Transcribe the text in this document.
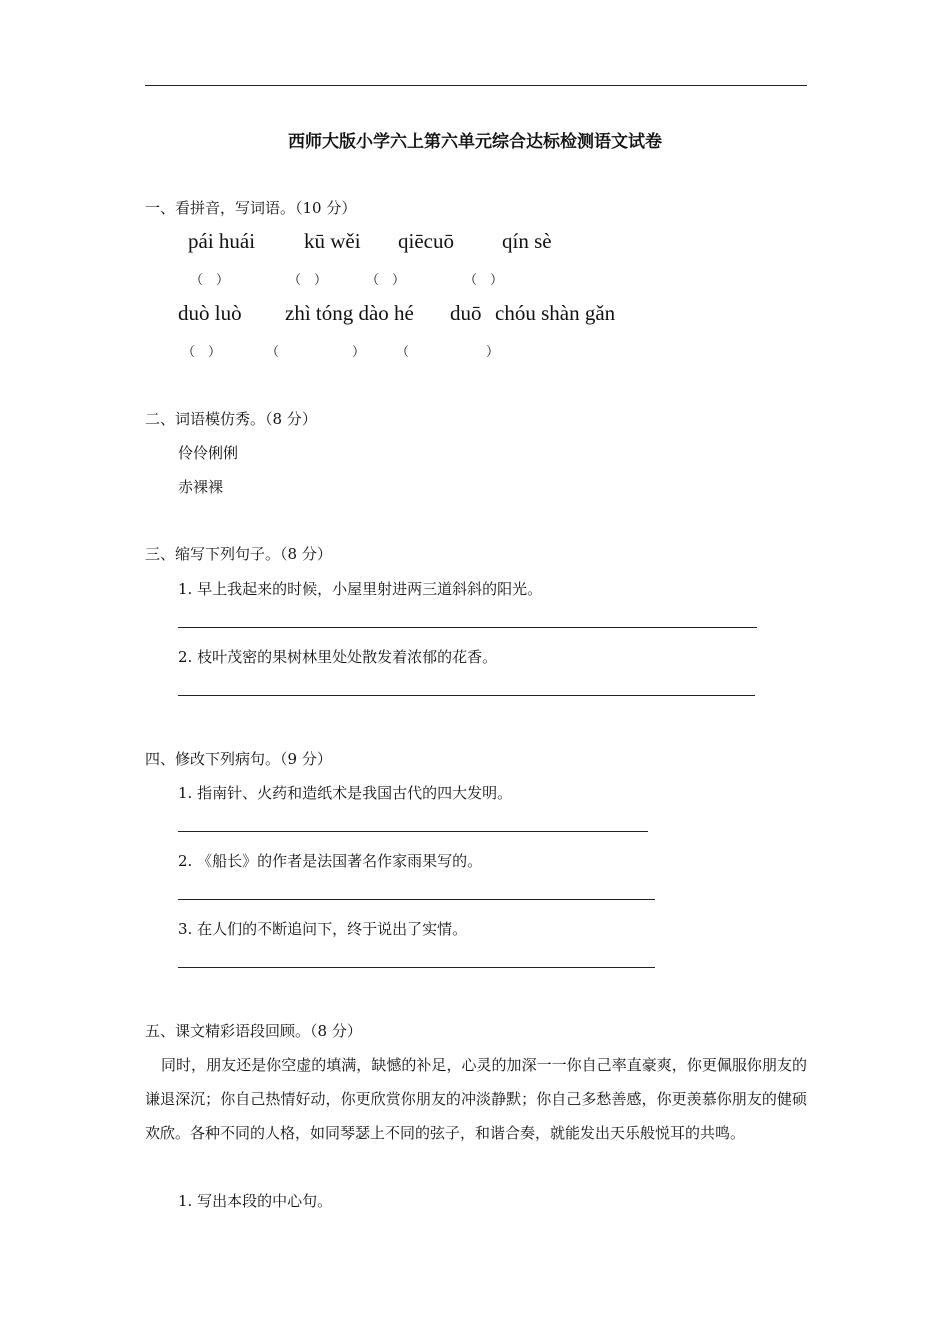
西师大版小学六上第六单元综合达标检测语文试卷
一、看拼音，写词语。（10 分）
pái huái kū wěi qiēcuō qín sè
（　）	（　）	（　）	（　）
duò luò zhì tóng dào hé duō chóu shàn gǎn
（　）	（	） （	）
二、词语模仿秀。（8 分）
伶伶俐俐
赤裸裸
三、缩写下列句子。（8 分）
1. 早上我起来的时候，小屋里射进两三道斜斜的阳光。
2. 枝叶茂密的果树林里处处散发着浓郁的花香。
四、修改下列病句。（9 分）
1. 指南针、火药和造纸术是我国古代的四大发明。
2. 《船长》的作者是法国著名作家雨果写的。
3. 在人们的不断追问下，终于说出了实情。
五、课文精彩语段回顾。（8 分）
同时，朋友还是你空虚的填满，缺憾的补足，心灵的加深一一你自己率直豪爽，你更佩服你朋友的谦退深沉；你自己热情好动，你更欣赏你朋友的冲淡静默；你自己多愁善感，你更羡慕你朋友的健硕欢欣。各种不同的人格，如同琴瑟上不同的弦子，和谐合奏，就能发出天乐般悦耳的共鸣。
1. 写出本段的中心句。
